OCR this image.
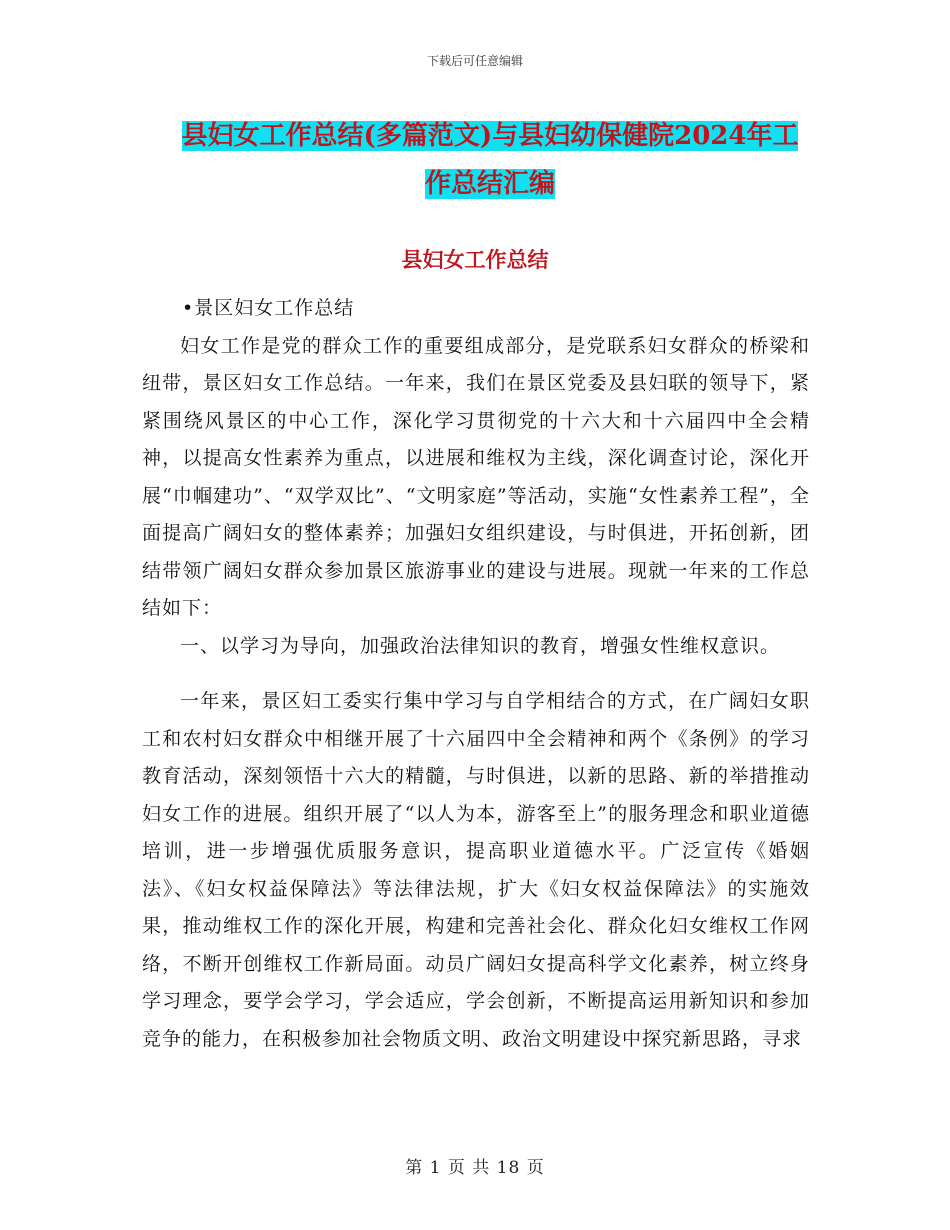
下载后可任意编辑
县妇女工作总结(多篇范文)与县妇幼保健院2024年工
作总结汇编
县妇女工作总结

•景区妇女工作总结

妇女工作是党的群众工作的重要组成部分，是党联系妇女群众的桥梁和纽带，景区妇女工作总结。一年来，我们在景区党委及县妇联的领导下，紧紧围绕风景区的中心工作，深化学习贯彻党的十六大和十六届四中全会精神，以提高女性素养为重点，以进展和维权为主线，深化调查讨论，深化开展“巾帼建功”、“双学双比”、“文明家庭”等活动，实施“女性素养工程”，全面提高广阔妇女的整体素养；加强妇女组织建设，与时俱进，开拓创新，团结带领广阔妇女群众参加景区旅游事业的建设与进展。现就一年来的工作总结如下：

一、以学习为导向，加强政治法律知识的教育，增强女性维权意识。

一年来，景区妇工委实行集中学习与自学相结合的方式，在广阔妇女职工和农村妇女群众中相继开展了十六届四中全会精神和两个《条例》的学习教育活动，深刻领悟十六大的精髓，与时俱进，以新的思路、新的举措推动妇女工作的进展。组织开展了“以人为本，游客至上”的服务理念和职业道德培训，进一步增强优质服务意识，提高职业道德水平。广泛宣传《婚姻法》、《妇女权益保障法》等法律法规，扩大《妇女权益保障法》的实施效果，推动维权工作的深化开展，构建和完善社会化、群众化妇女维权工作网络，不断开创维权工作新局面。动员广阔妇女提高科学文化素养，树立终身学习理念，要学会学习，学会适应，学会创新，不断提高运用新知识和参加竞争的能力，在积极参加社会物质文明、政治文明建设中探究新思路，寻求

第 1 页 共 18 页
